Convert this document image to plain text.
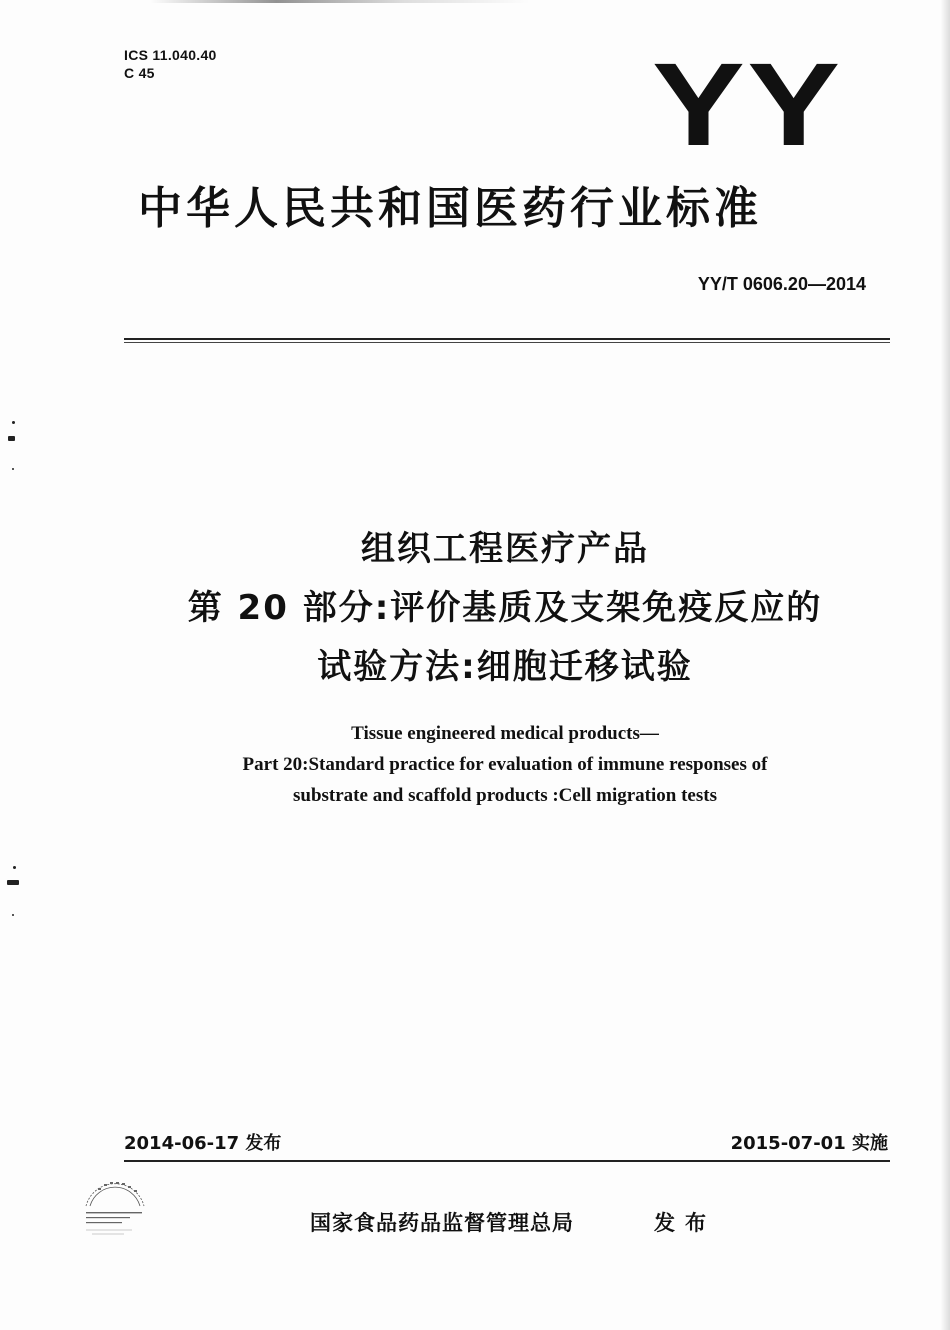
ICS 11.040.40
C 45	YY
中华人民共和国医药行业标准
YY/T 0606.20—2014
组织工程医疗产品
第 20 部分:评价基质及支架免疫反应的
试验方法:细胞迁移试验
Tissue engineered medical products—
Part 20:Standard practice for evaluation of immune responses of
substrate and scaffold products :Cell migration tests
2014-06-17 发布	2015-07-01 实施
国家食品药品监督管理总局	发布
